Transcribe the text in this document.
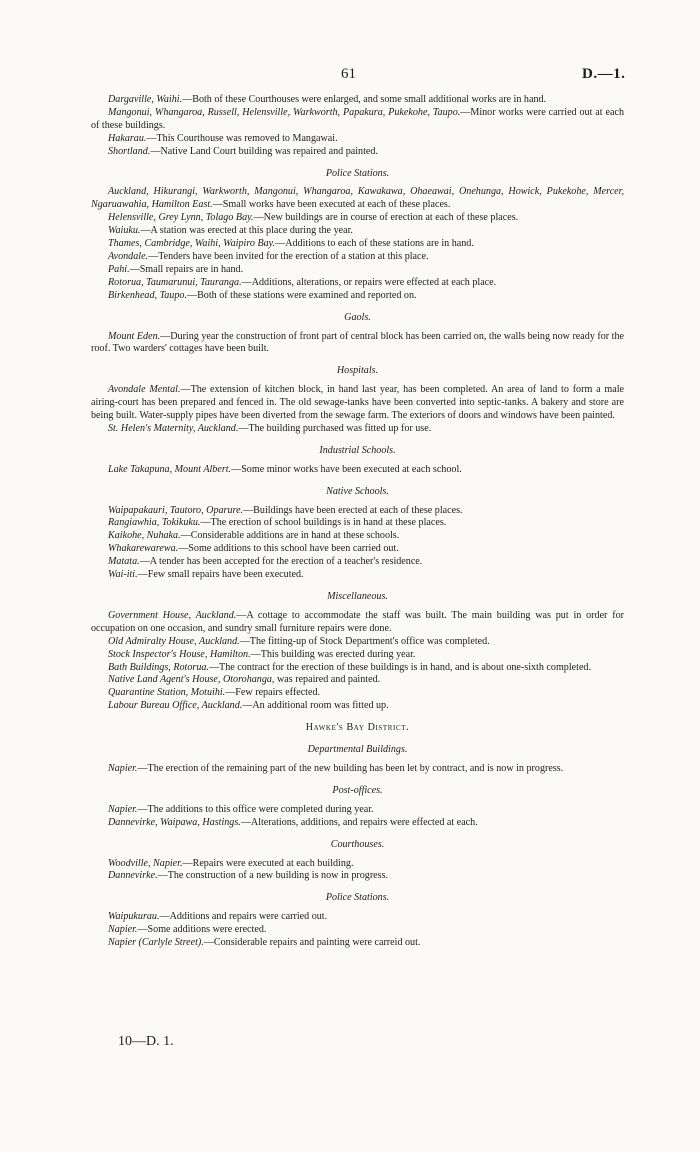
61	D.—1.

Dargaville, Waihi.—Both of these Courthouses were enlarged, and some small additional works are in hand.

Mangonui, Whangaroa, Russell, Helensville, Warkworth, Papakura, Pukekohe, Taupo.—Minor works were carried out at each of these buildings.

Hakarau.—This Courthouse was removed to Mangawai.

Shortland.—Native Land Court building was repaired and painted.

Police Stations.

Auckland, Hikurangi, Warkworth, Mangonui, Whangaroa, Kawakawa, Ohaeawai, Onehunga, Howick, Pukekohe, Mercer, Ngaruawahia, Hamilton East.—Small works have been executed at each of these places.

Helensville, Grey Lynn, Tolago Bay.—New buildings are in course of erection at each of these places.

Waiuku.—A station was erected at this place during the year.

Thames, Cambridge, Waihi, Waipiro Bay.—Additions to each of these stations are in hand.

Avondale.—Tenders have been invited for the erection of a station at this place.

Pahi.—Small repairs are in hand.

Rotorua, Taumarunui, Tauranga.—Additions, alterations, or repairs were effected at each place.

Birkenhead, Taupo.—Both of these stations were examined and reported on.

Gaols.

Mount Eden.—During year the construction of front part of central block has been carried on, the walls being now ready for the roof. Two warders' cottages have been built.

Hospitals.

Avondale Mental.—The extension of kitchen block, in hand last year, has been completed. An area of land to form a male airing-court has been prepared and fenced in. The old sewage-tanks have been converted into septic-tanks. A bakery and store are being built. Water-supply pipes have been diverted from the sewage farm. The exteriors of doors and windows have been painted.

St. Helen's Maternity, Auckland.—The building purchased was fitted up for use.

Industrial Schools.

Lake Takapuna, Mount Albert.—Some minor works have been executed at each school.

Native Schools.

Waipapakauri, Tautoro, Oparure.—Buildings have been erected at each of these places.

Rangiawhia, Tokikuku.—The erection of school buildings is in hand at these places.

Kaikohe, Nuhaka.—Considerable additions are in hand at these schools.

Whakarewarewa.—Some additions to this school have been carried out.

Matata.—A tender has been accepted for the erection of a teacher's residence.

Wai-iti.—Few small repairs have been executed.

Miscellaneous.

Government House, Auckland.—A cottage to accommodate the staff was built. The main building was put in order for occupation on one occasion, and sundry small furniture repairs were done.

Old Admiralty House, Auckland.—The fitting-up of Stock Department's office was completed.

Stock Inspector's House, Hamilton.—This building was erected during year.

Bath Buildings, Rotorua.—The contract for the erection of these buildings is in hand, and is about one-sixth completed.

Native Land Agent's House, Otorohanga, was repaired and painted.

Quarantine Station, Motuihi.—Few repairs effected.

Labour Bureau Office, Auckland.—An additional room was fitted up.

Hawke's Bay District.

Departmental Buildings.

Napier.—The erection of the remaining part of the new building has been let by contract, and is now in progress.

Post-offices.

Napier.—The additions to this office were completed during year.

Dannevirke, Waipawa, Hastings.—Alterations, additions, and repairs were effected at each.

Courthouses.

Woodville, Napier.—Repairs were executed at each building.

Dannevirke.—The construction of a new building is now in progress.

Police Stations.

Waipukurau.—Additions and repairs were carried out.

Napier.—Some additions were erected.

Napier (Carlyle Street).—Considerable repairs and painting were carreid out.

10—D. 1.
